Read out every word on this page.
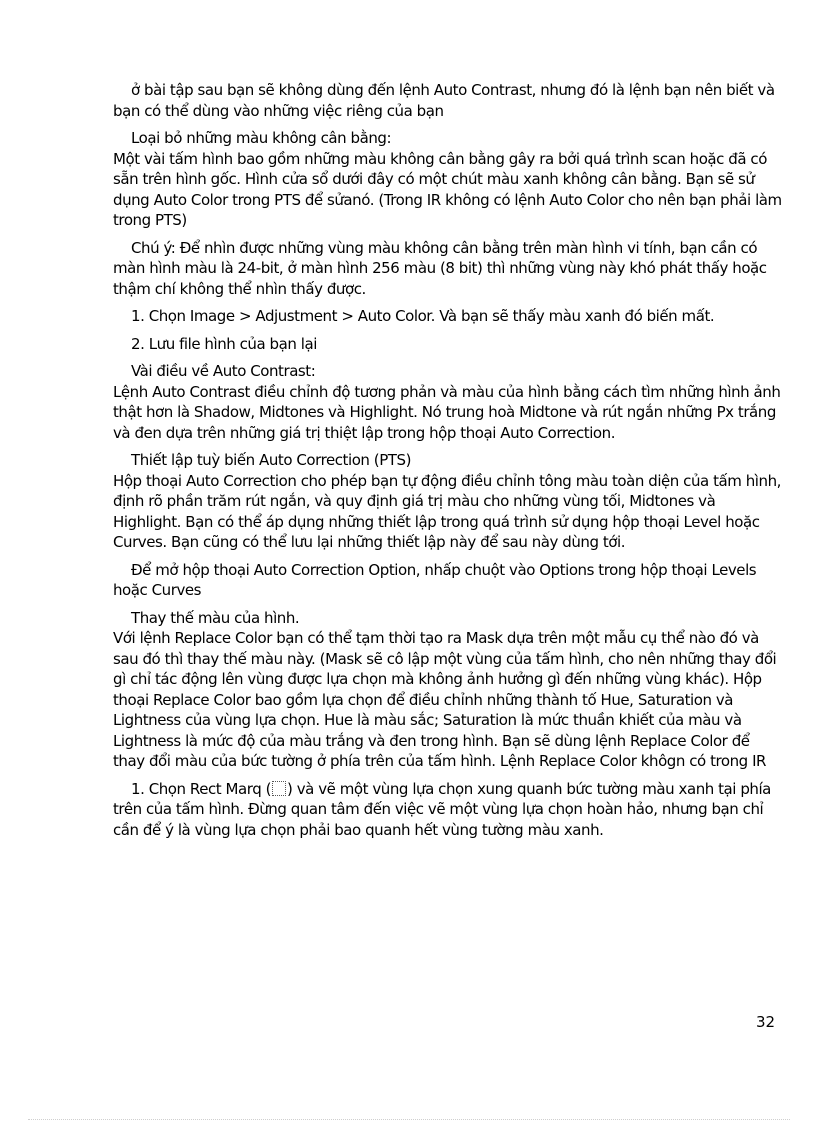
ở bài tập sau bạn sẽ không dùng đến lệnh Auto Contrast, nhưng đó là lệnh bạn nên biết và bạn có thể dùng vào những việc riêng của bạn

Loại bỏ những màu không cân bằng:

Một vài tấm hình bao gồm những màu không cân bằng gây ra bởi quá trình scan hoặc đã có sẵn trên hình gốc. Hình cửa sổ dưới đây có một chút màu xanh không cân bằng. Bạn sẽ sử dụng Auto Color trong PTS để sửanó. (Trong IR không có lệnh Auto Color cho nên bạn phải làm trong PTS)

Chú ý: Để nhìn được những vùng màu không cân bằng trên màn hình vi tính, bạn cần có màn hình màu là 24-bit, ở màn hình 256 màu (8 bit) thì những vùng này khó phát thấy hoặc thậm chí không thể nhìn thấy được.

1. Chọn Image > Adjustment > Auto Color. Và bạn sẽ thấy màu xanh đó biến mất.

2. Lưu file hình của bạn lại

Vài điều về Auto Contrast:

Lệnh Auto Contrast điều chỉnh độ tương phản và màu của hình bằng cách tìm những hình ảnh thật hơn là Shadow, Midtones và Highlight. Nó trung hoà Midtone và rút ngắn những Px trắng và đen dựa trên những giá trị thiệt lập trong hộp thoại Auto Correction.

Thiết lập tuỳ biến Auto Correction (PTS)

Hộp thoại Auto Correction cho phép bạn tự động điều chỉnh tông màu toàn diện của tấm hình, định rõ phần trăm rút ngắn, và quy định giá trị màu cho những vùng tối, Midtones và Highlight. Bạn có thể áp dụng những thiết lập trong quá trình sử dụng hộp thoại Level hoặc Curves. Bạn cũng có thể lưu lại những thiết lập này để sau này dùng tới.

Để mở hộp thoại Auto Correction Option, nhấp chuột vào Options trong hộp thoại Levels hoặc Curves

Thay thế màu của hình.

Với lệnh Replace Color bạn có thể tạm thời tạo ra Mask dựa trên một mẫu cụ thể nào đó và sau đó thì thay thế màu này. (Mask sẽ cô lập một vùng của tấm hình, cho nên những thay đổi gì chỉ tác động lên vùng được lựa chọn mà không ảnh hưởng gì đến những vùng khác). Hộp thoại Replace Color bao gồm lựa chọn để điều chỉnh những thành tố Hue, Saturation và Lightness của vùng lựa chọn. Hue là màu sắc; Saturation là mức thuần khiết của màu và Lightness là mức độ của màu trắng và đen trong hình. Bạn sẽ dùng lệnh Replace Color để thay đổi màu của bức tường ở phía trên của tấm hình. Lệnh Replace Color khôgn có trong IR

1. Chọn Rect Marq ( ) và vẽ một vùng lựa chọn xung quanh bức tường màu xanh tại phía trên của tấm hình. Đừng quan tâm đến việc vẽ một vùng lựa chọn hoàn hảo, nhưng bạn chỉ cần để ý là vùng lựa chọn phải bao quanh hết vùng tường màu xanh.

32
